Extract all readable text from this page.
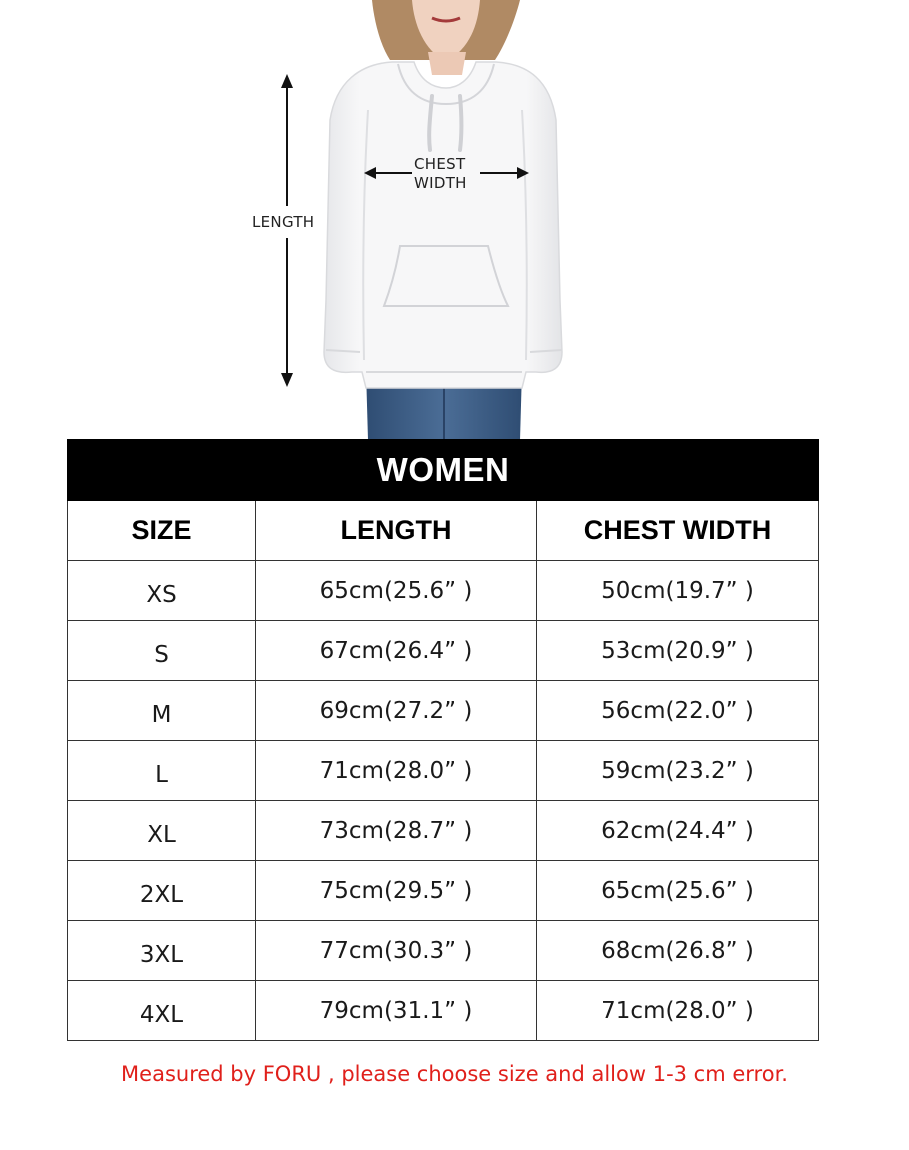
LENGTH
CHEST
WIDTH
WOMEN		
SIZE	LENGTH	CHEST WIDTH
XS	65cm(25.6” )	50cm(19.7” )
S	67cm(26.4” )	53cm(20.9” )
M	69cm(27.2” )	56cm(22.0” )
L	71cm(28.0” )	59cm(23.2” )
XL	73cm(28.7” )	62cm(24.4” )
2XL	75cm(29.5” )	65cm(25.6” )
3XL	77cm(30.3” )	68cm(26.8” )
4XL	79cm(31.1” )	71cm(28.0” )
Measured by FORU , please choose size and allow 1-3 cm error.
